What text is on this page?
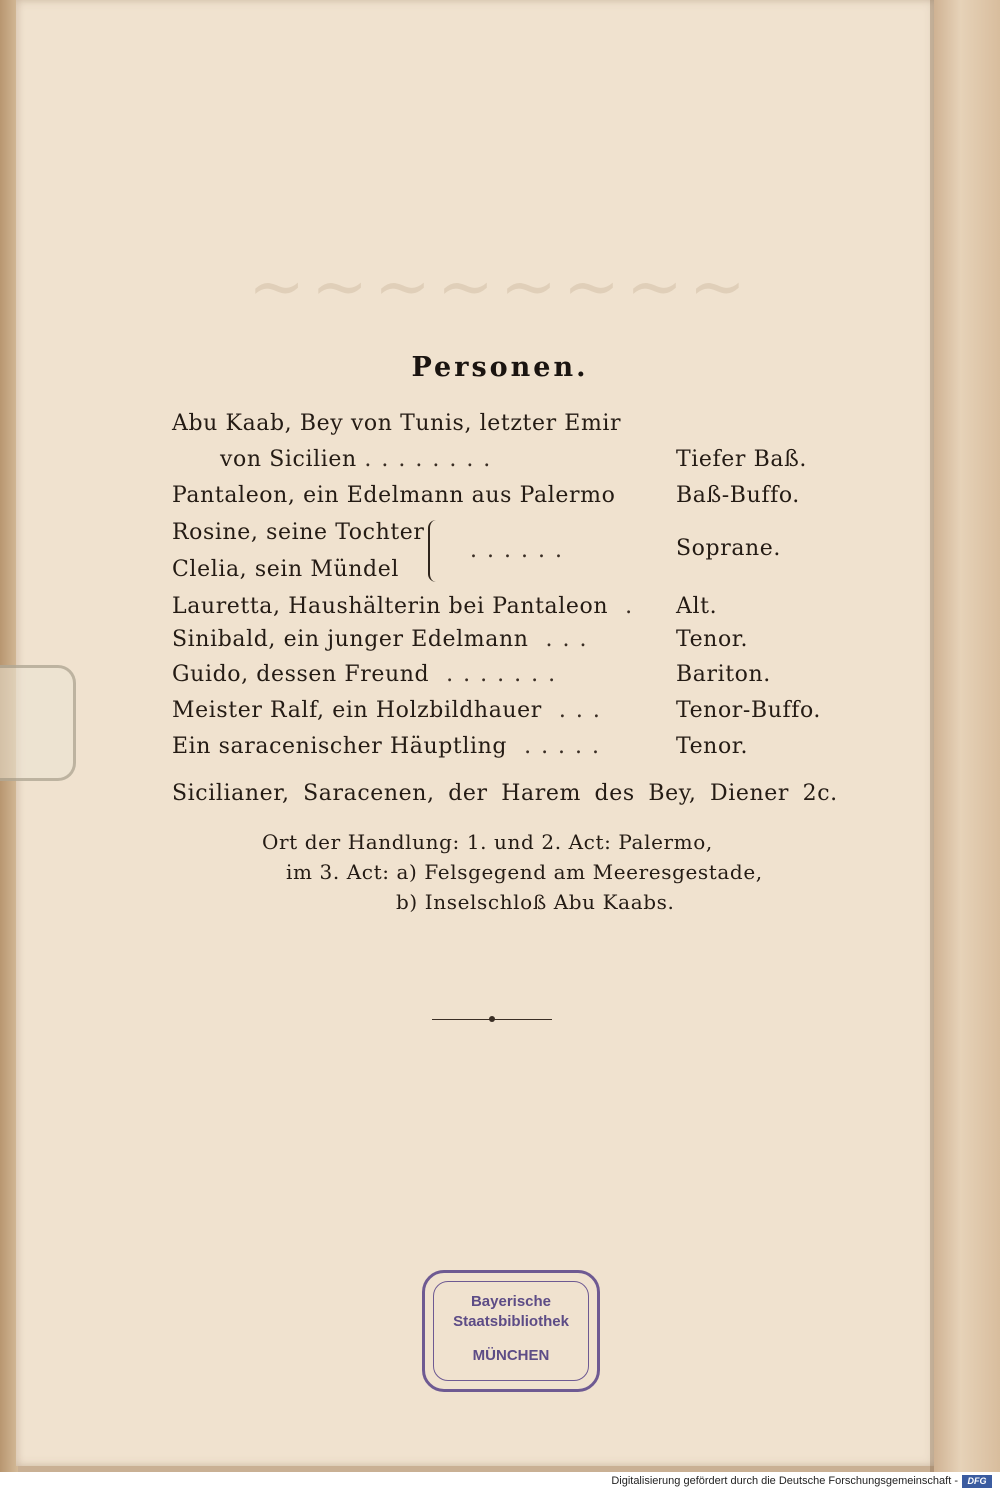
~~~~~~~~
Personen.
Abu Kaab, Bey von Tunis, letzter Emir
von Sicilien ........	Tiefer Baß.
Pantaleon, ein Edelmann aus Palermo	Baß-Buffo.
Rosine, seine Tochter
Clelia, sein Mündel
......	Soprane.
Lauretta, Haushälterin bei Pantaleon . Alt.
Sinibald, ein junger Edelmann ...	Tenor.
Guido, dessen Freund .......	Bariton.
Meister Ralf, ein Holzbildhauer ...	Tenor-Buffo.
Ein saracenischer Häuptling .....	Tenor.
Sicilianer, Saracenen, der Harem des Bey, Diener 2c.
Ort der Handlung: 1. und 2. Act: Palermo,
im 3. Act: a) Felsgegend am Meeresgestade,
b) Inselschloß Abu Kaabs.
Bayerische
Staatsbibliothek
MÜNCHEN
Digitalisierung gefördert durch die Deutsche Forschungsgemeinschaft -	DFG
